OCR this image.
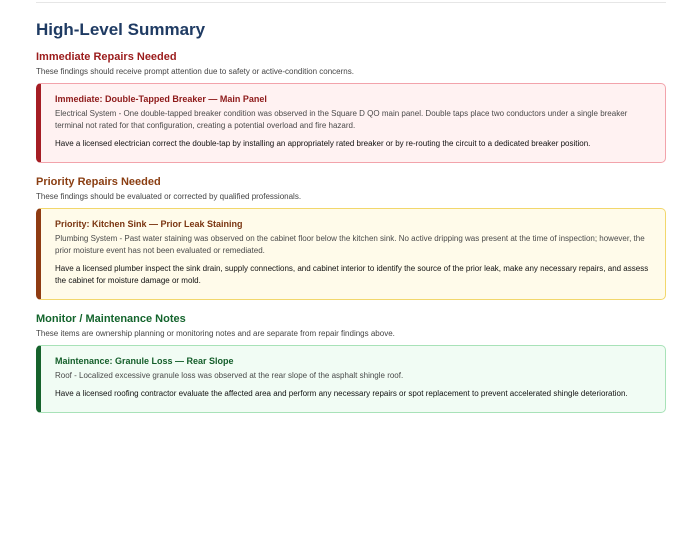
High-Level Summary
Immediate Repairs Needed
These findings should receive prompt attention due to safety or active-condition concerns.
Immediate: Double-Tapped Breaker — Main Panel

Electrical System - One double-tapped breaker condition was observed in the Square D QO main panel. Double taps place two conductors under a single breaker terminal not rated for that configuration, creating a potential overload and fire hazard.

Have a licensed electrician correct the double-tap by installing an appropriately rated breaker or by re-routing the circuit to a dedicated breaker position.

Priority Repairs Needed
These findings should be evaluated or corrected by qualified professionals.
Priority: Kitchen Sink — Prior Leak Staining

Plumbing System - Past water staining was observed on the cabinet floor below the kitchen sink. No active dripping was present at the time of inspection; however, the prior moisture event has not been evaluated or remediated.

Have a licensed plumber inspect the sink drain, supply connections, and cabinet interior to identify the source of the prior leak, make any necessary repairs, and assess the cabinet for moisture damage or mold.

Monitor / Maintenance Notes
These items are ownership planning or monitoring notes and are separate from repair findings above.
Maintenance: Granule Loss — Rear Slope

Roof - Localized excessive granule loss was observed at the rear slope of the asphalt shingle roof.

Have a licensed roofing contractor evaluate the affected area and perform any necessary repairs or spot replacement to prevent accelerated shingle deterioration.
